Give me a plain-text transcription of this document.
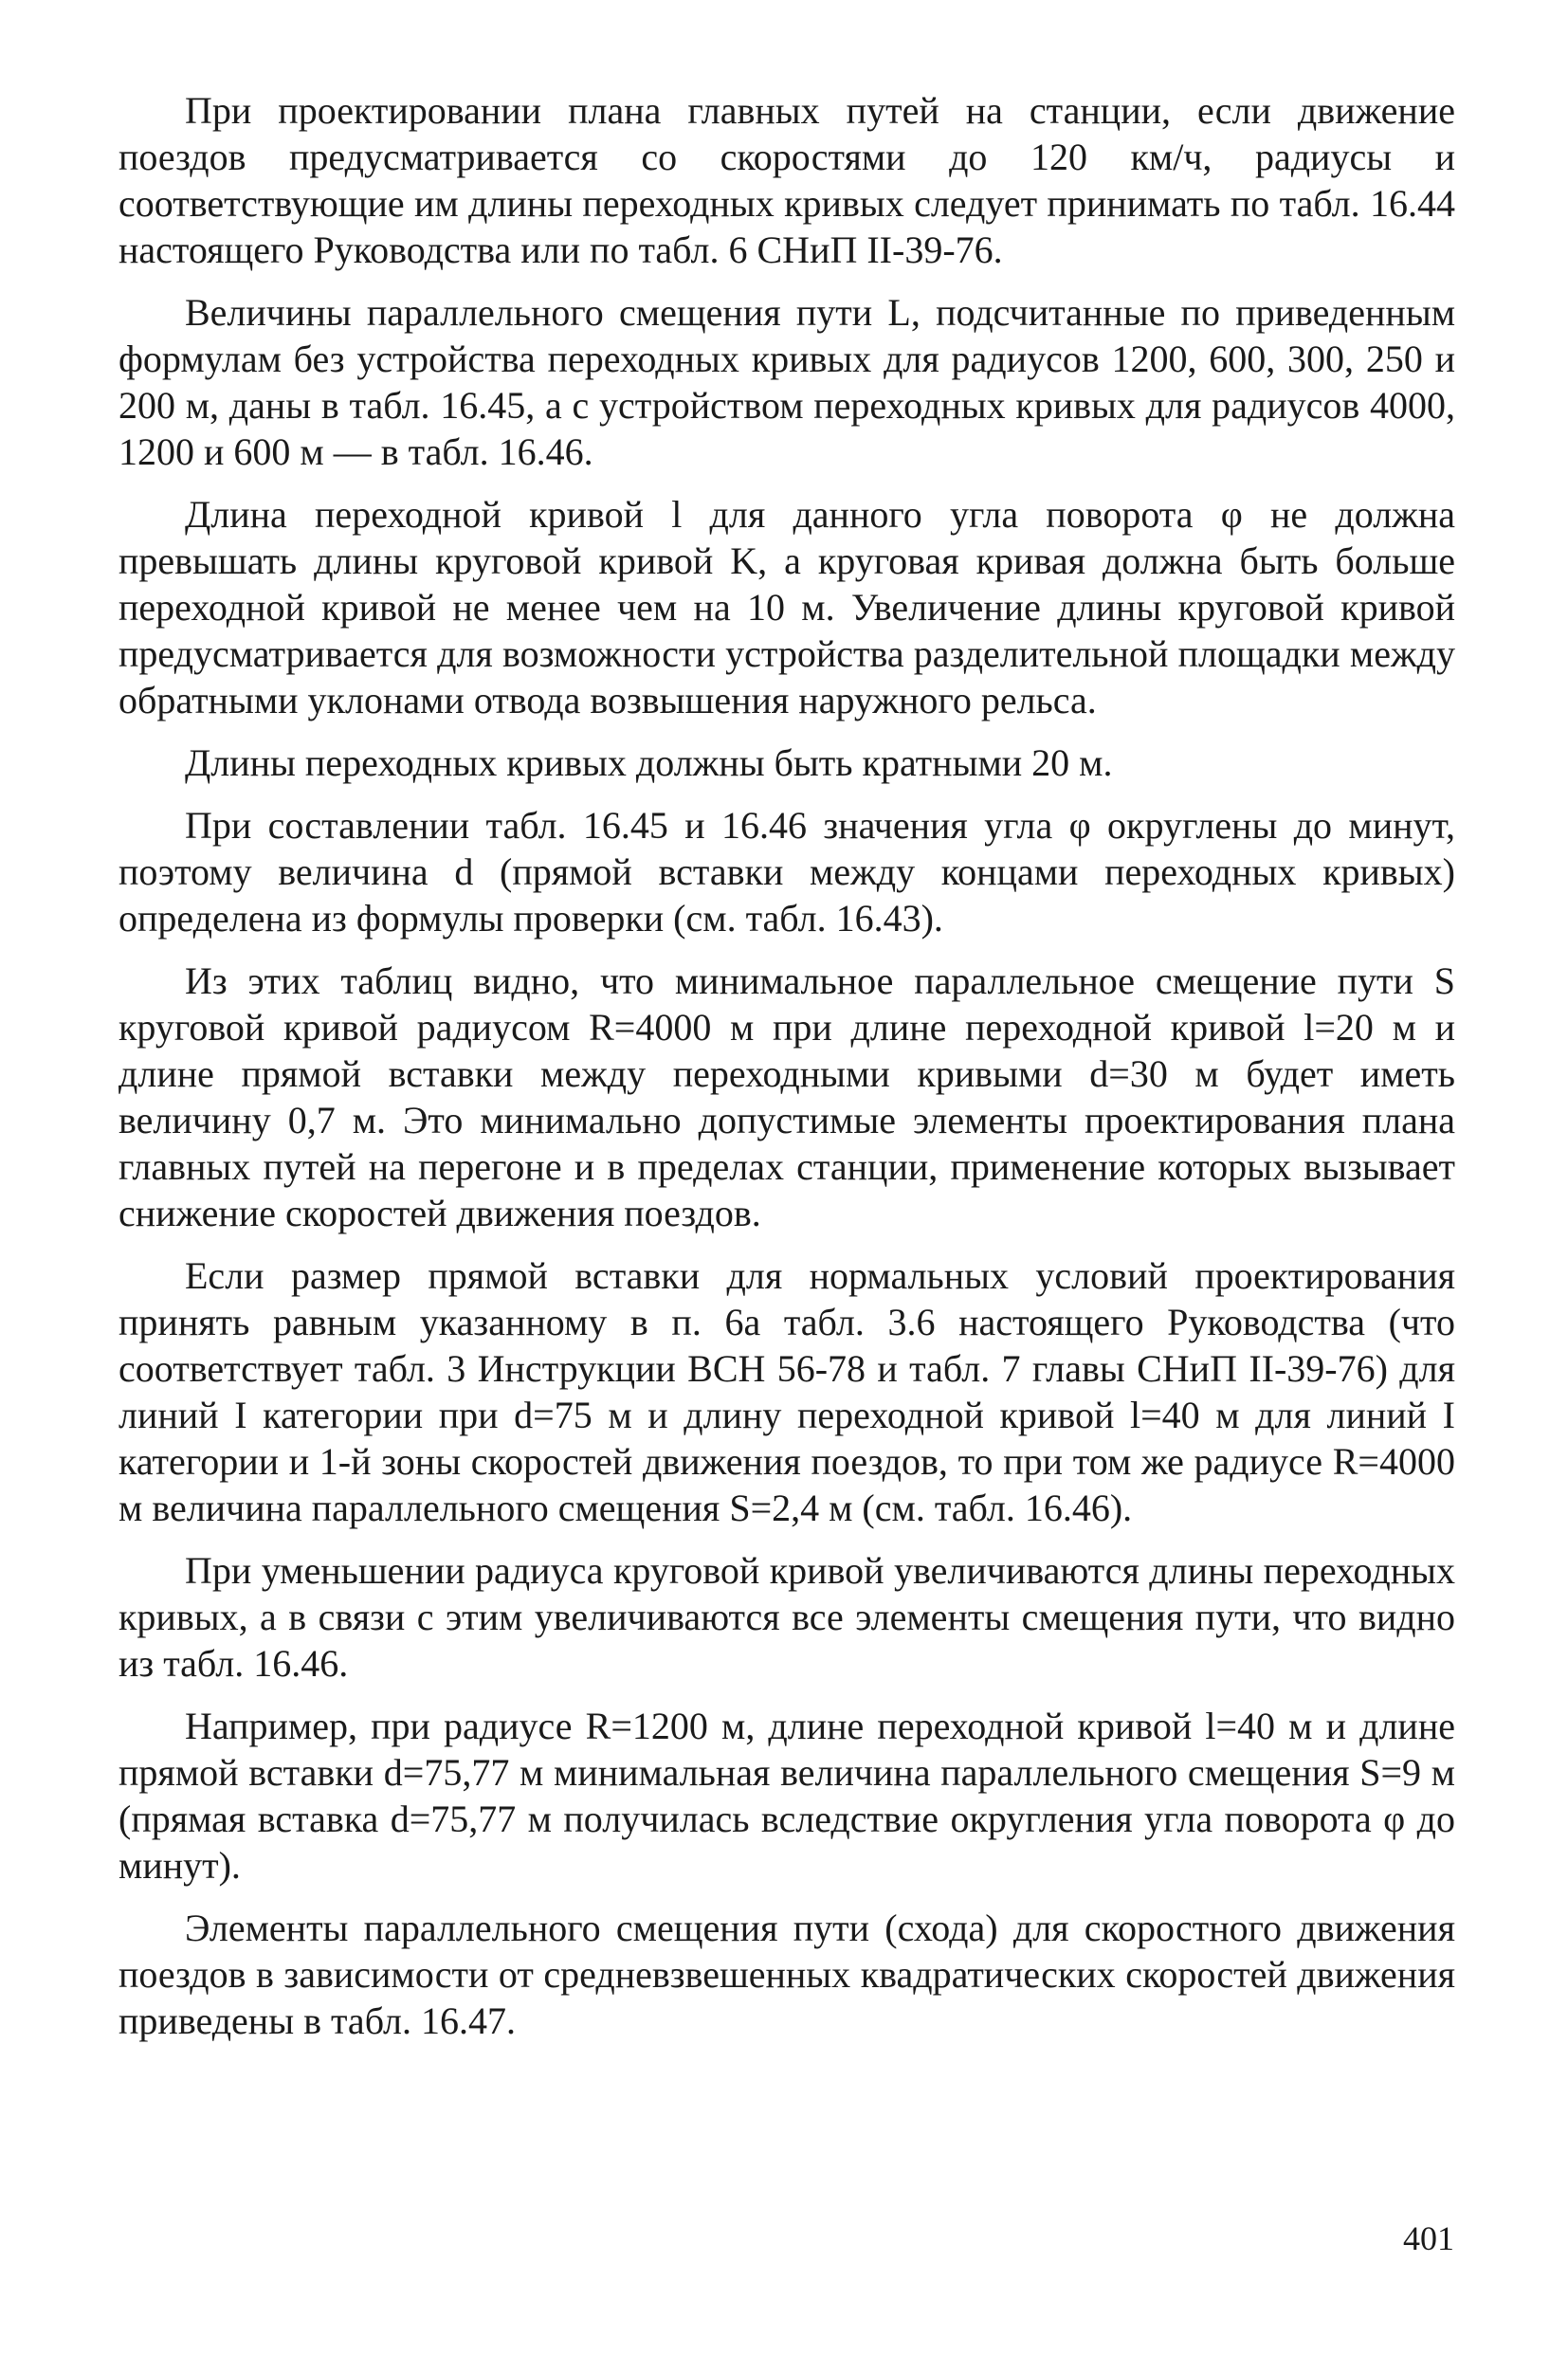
При проектировании плана главных путей на станции, если движение поездов предусматривается со скоростями до 120 км/ч, радиусы и соответствующие им длины переходных кривых следует принимать по табл. 16.44 настоящего Руководства или по табл. 6 СНиП II-39-76.

Величины параллельного смещения пути L, подсчитанные по приведенным формулам без устройства переходных кривых для радиусов 1200, 600, 300, 250 и 200 м, даны в табл. 16.45, а с устройством переходных кривых для радиусов 4000, 1200 и 600 м — в табл. 16.46.

Длина переходной кривой l для данного угла поворота φ не должна превышать длины круговой кривой K, а круговая кривая должна быть больше переходной кривой не менее чем на 10 м. Увеличение длины круговой кривой предусматривается для возможности устройства разделительной площадки между обратными уклонами отвода возвышения наружного рельса.

Длины переходных кривых должны быть кратными 20 м.

При составлении табл. 16.45 и 16.46 значения угла φ округлены до минут, поэтому величина d (прямой вставки между концами переходных кривых) определена из формулы проверки (см. табл. 16.43).

Из этих таблиц видно, что минимальное параллельное смещение пути S круговой кривой радиусом R=4000 м при длине переходной кривой l=20 м и длине прямой вставки между переходными кривыми d=30 м будет иметь величину 0,7 м. Это минимально допустимые элементы проектирования плана главных путей на перегоне и в пределах станции, применение которых вызывает снижение скоростей движения поездов.

Если размер прямой вставки для нормальных условий проектирования принять равным указанному в п. 6а табл. 3.6 настоящего Руководства (что соответствует табл. 3 Инструкции ВСН 56-78 и табл. 7 главы СНиП II-39-76) для линий I категории при d=75 м и длину переходной кривой l=40 м для линий I категории и 1-й зоны скоростей движения поездов, то при том же радиусе R=4000 м величина параллельного смещения S=2,4 м (см. табл. 16.46).

При уменьшении радиуса круговой кривой увеличиваются длины переходных кривых, а в связи с этим увеличиваются все элементы смещения пути, что видно из табл. 16.46.

Например, при радиусе R=1200 м, длине переходной кривой l=40 м и длине прямой вставки d=75,77 м минимальная величина параллельного смещения S=9 м (прямая вставка d=75,77 м получилась вследствие округления угла поворота φ до минут).

Элементы параллельного смещения пути (схода) для скоростного движения поездов в зависимости от средневзвешенных квадратических скоростей движения приведены в табл. 16.47.

401
